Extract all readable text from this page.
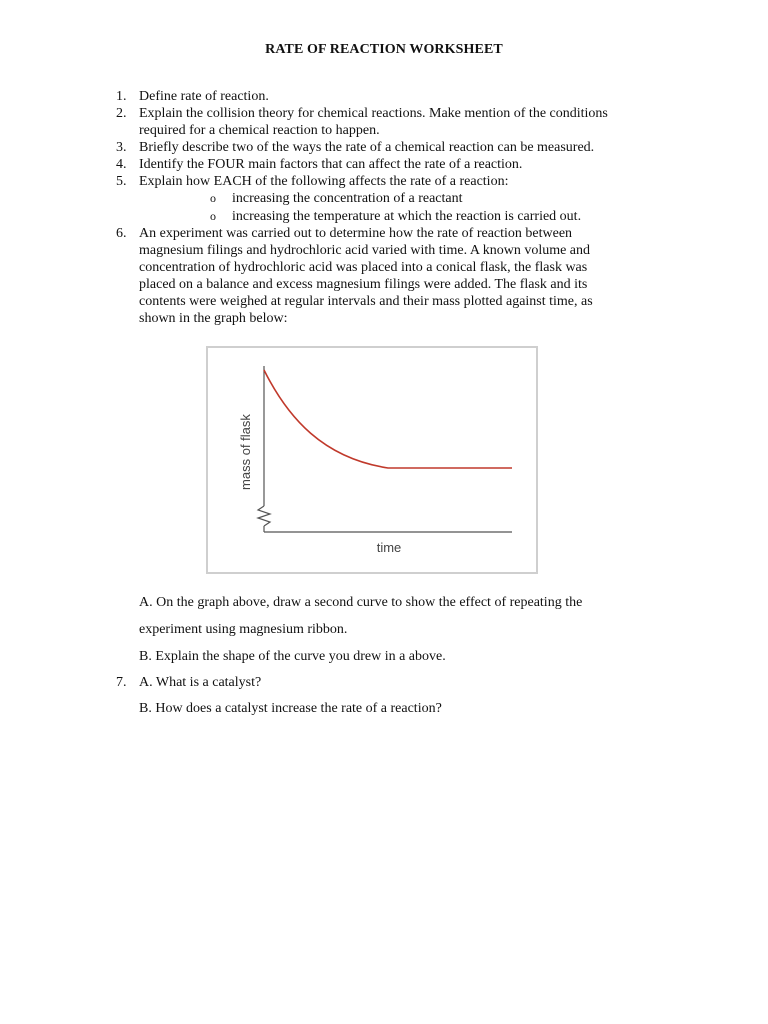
RATE OF REACTION WORKSHEET
1. Define rate of reaction.
2. Explain the collision theory for chemical reactions. Make mention of the conditions
required for a chemical reaction to happen.
3. Briefly describe two of the ways the rate of a chemical reaction can be measured.
4. Identify the FOUR main factors that can affect the rate of a reaction.
5. Explain how EACH of the following affects the rate of a reaction:
o increasing the concentration of a reactant
o increasing the temperature at which the reaction is carried out.
6. An experiment was carried out to determine how the rate of reaction between
magnesium filings and hydrochloric acid varied with time. A known volume and
concentration of hydrochloric acid was placed into a conical flask, the flask was
placed on a balance and excess magnesium filings were added. The flask and its
contents were weighed at regular intervals and their mass plotted against time, as
shown in the graph below:
mass of flask
time
A. On the graph above, draw a second curve to show the effect of repeating the
experiment using magnesium ribbon.
B. Explain the shape of the curve you drew in a above.
7. A. What is a catalyst?
B. How does a catalyst increase the rate of a reaction?
